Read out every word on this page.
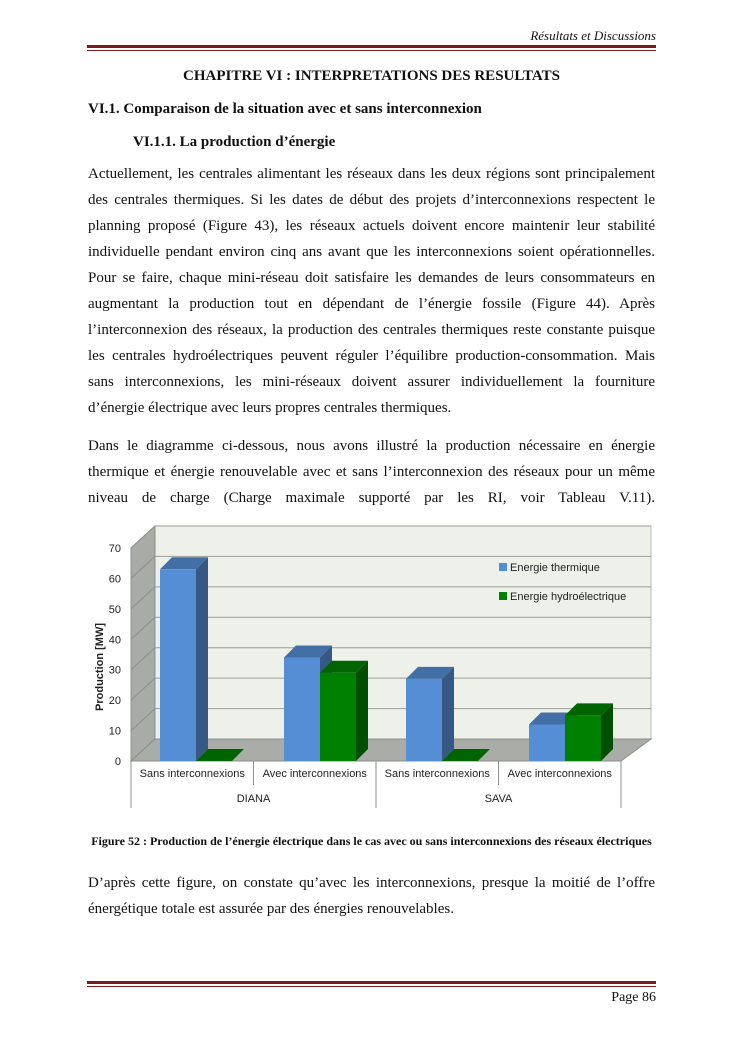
Résultats et Discussions
CHAPITRE VI : INTERPRETATIONS DES RESULTATS
VI.1. Comparaison de la situation avec et sans interconnexion
VI.1.1. La production d’énergie

Actuellement, les centrales alimentant les réseaux dans les deux régions sont principalement des centrales thermiques. Si les dates de début des projets d’interconnexions respectent le planning proposé (Figure 43), les réseaux actuels doivent encore maintenir leur stabilité individuelle pendant environ cinq ans avant que les interconnexions soient opérationnelles. Pour se faire, chaque mini-réseau doit satisfaire les demandes de leurs consommateurs en augmentant la production tout en dépendant de l’énergie fossile (Figure 44). Après l’interconnexion des réseaux, la production des centrales thermiques reste constante puisque les centrales hydroélectriques peuvent réguler l’équilibre production-consommation. Mais sans interconnexions, les mini-réseaux doivent assurer individuellement la fourniture d’énergie électrique avec leurs propres centrales thermiques.

Dans le diagramme ci-dessous, nous avons illustré la production nécessaire en énergie thermique et énergie renouvelable avec et sans l’interconnexion des réseaux pour un même niveau de charge (Charge maximale supporté par les RI, voir Tableau V.11).

0
10
20
30
40
50
60
70
Production [MW]
Sans interconnexions Avec interconnexions Sans interconnexions Avec interconnexions
DIANA	SAVA
Energie thermique
Energie hydroélectrique
Figure 52 : Production de l’énergie électrique dans le cas avec ou sans interconnexions des réseaux électriques

D’après cette figure, on constate qu’avec les interconnexions, presque la moitié de l’offre énergétique totale est assurée par des énergies renouvelables.

Page 86
